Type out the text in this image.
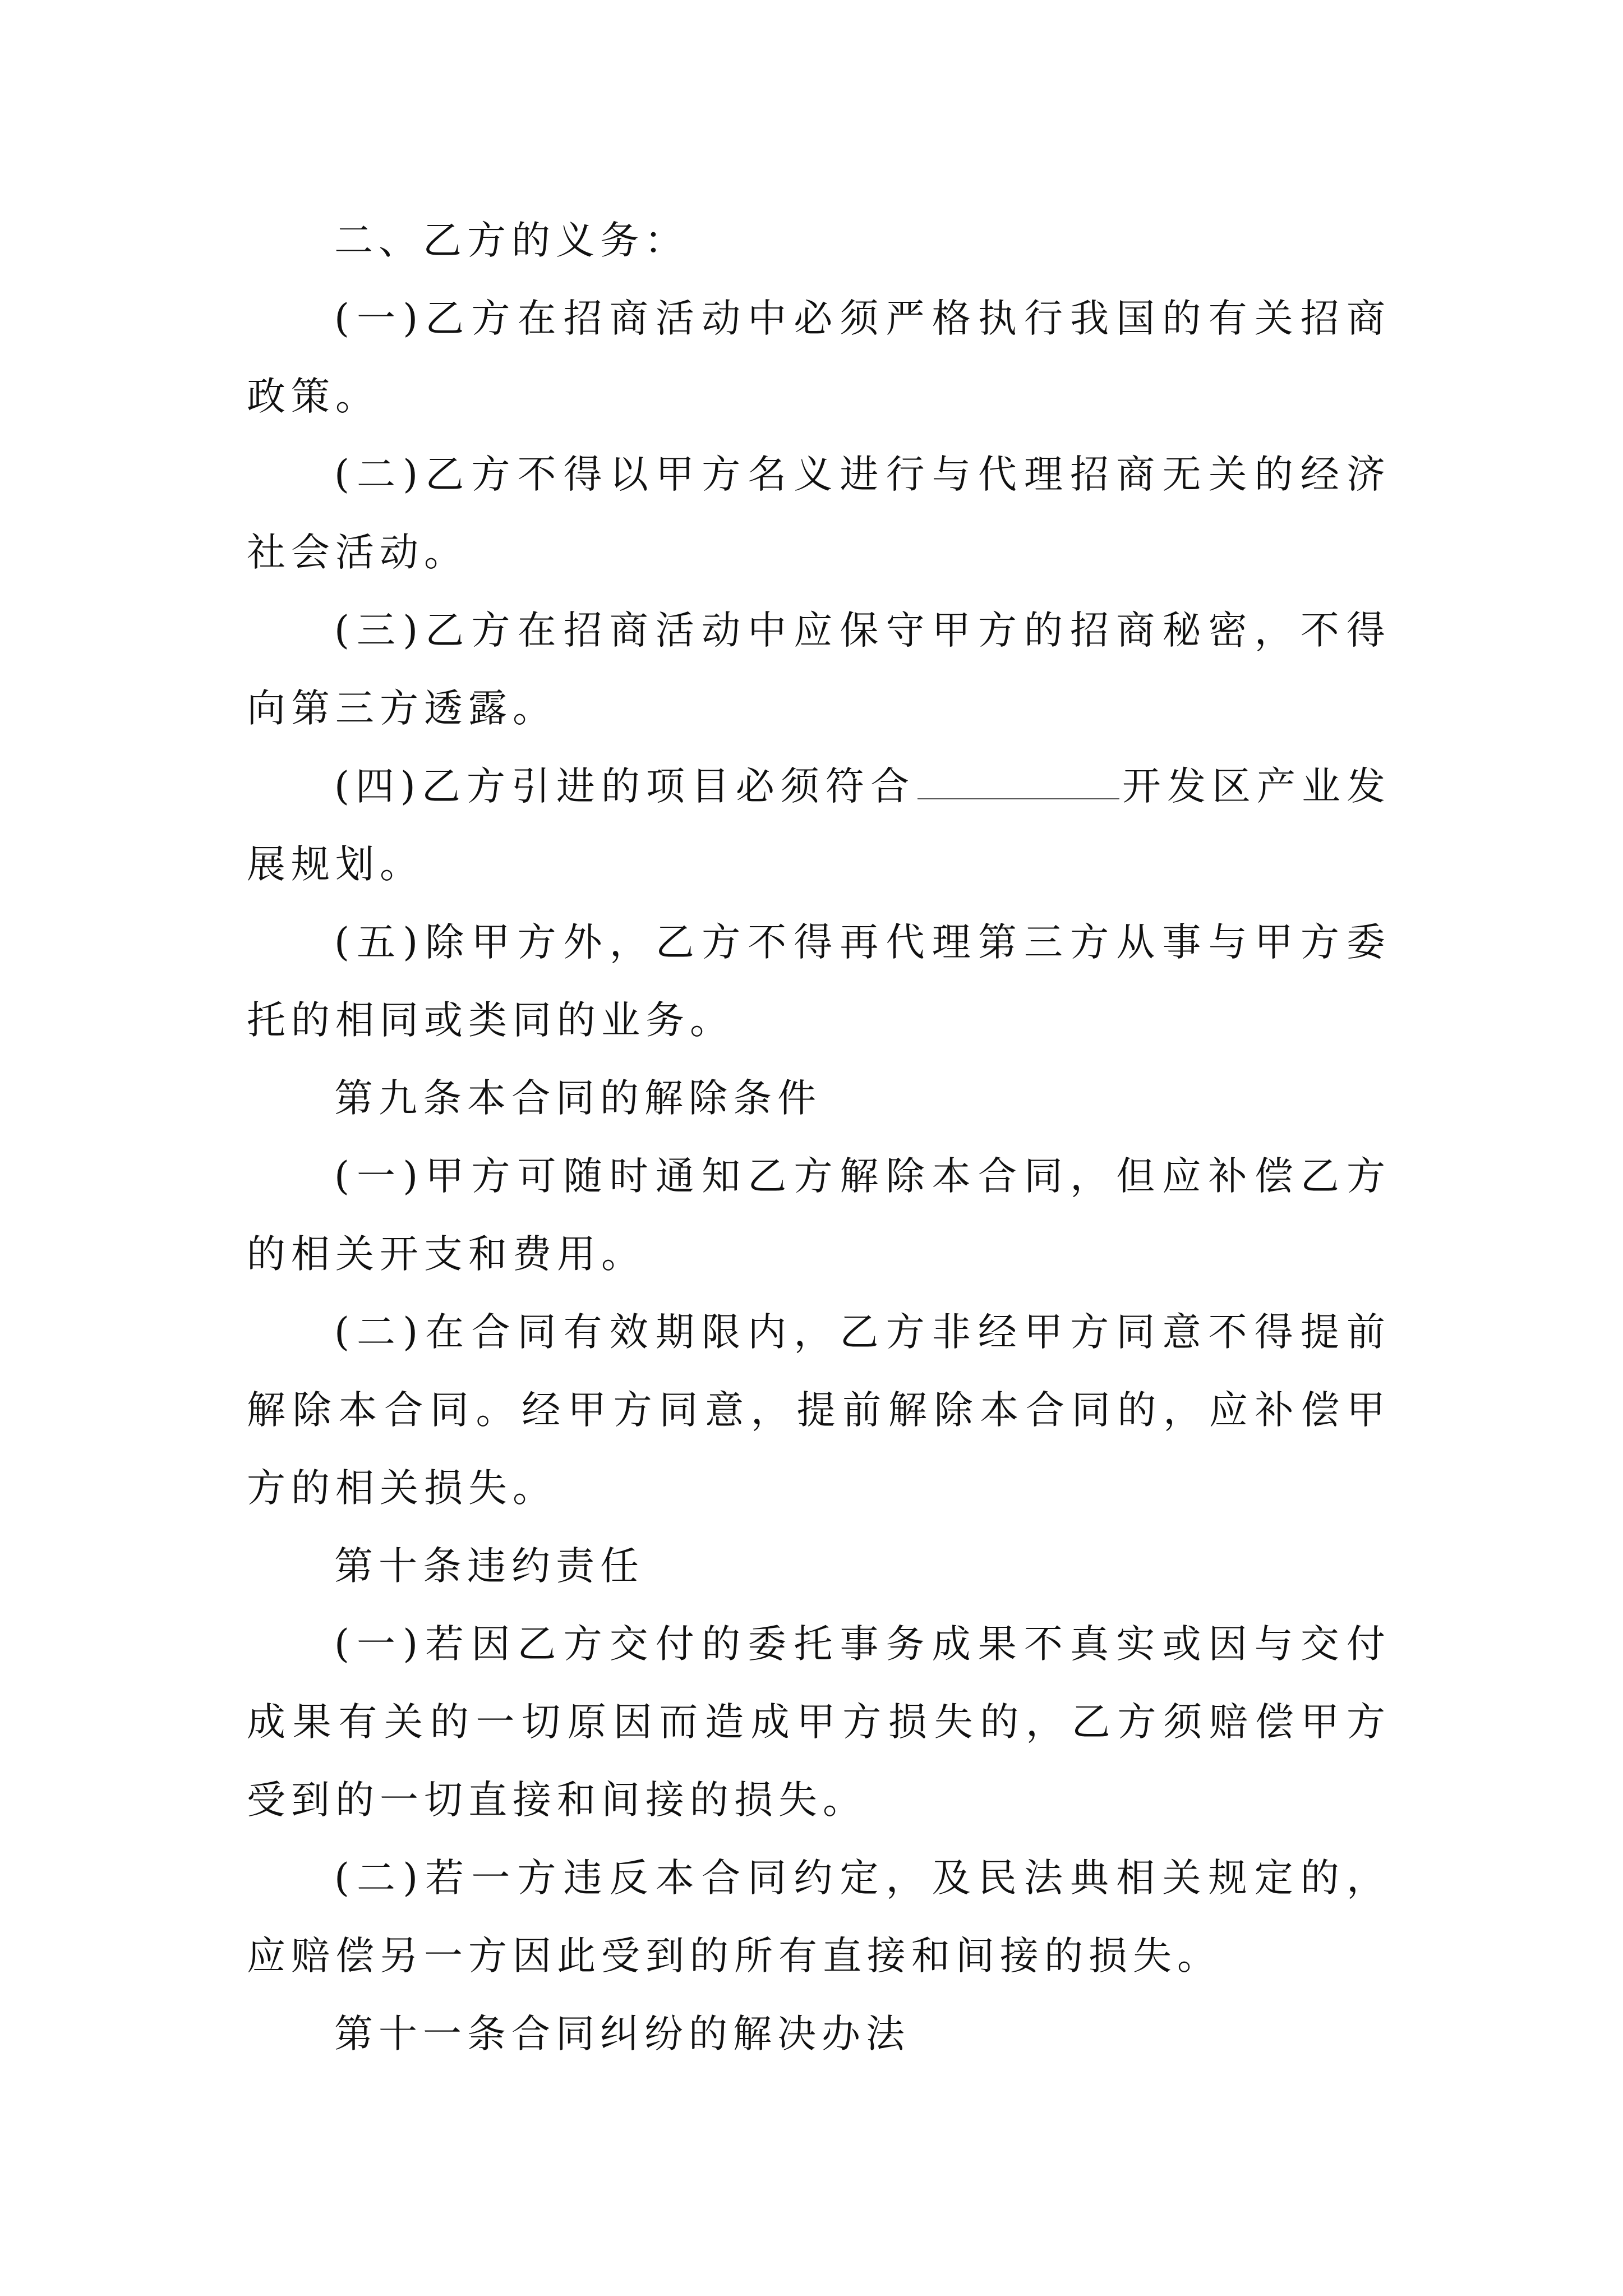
二、乙方的义务：

(一)乙方在招商活动中必须严格执行我国的有关招商政策。

(二)乙方不得以甲方名义进行与代理招商无关的经济社会活动。

(三)乙方在招商活动中应保守甲方的招商秘密，不得向第三方透露。

(四)乙方引进的项目必须符合	开发区产业发展规划。

(五)除甲方外，乙方不得再代理第三方从事与甲方委托的相同或类同的业务。

第九条本合同的解除条件

(一)甲方可随时通知乙方解除本合同，但应补偿乙方的相关开支和费用。

(二)在合同有效期限内，乙方非经甲方同意不得提前解除本合同。经甲方同意，提前解除本合同的，应补偿甲方的相关损失。

第十条违约责任

(一)若因乙方交付的委托事务成果不真实或因与交付成果有关的一切原因而造成甲方损失的，乙方须赔偿甲方受到的一切直接和间接的损失。

(二)若一方违反本合同约定，及民法典相关规定的，应赔偿另一方因此受到的所有直接和间接的损失。

第十一条合同纠纷的解决办法
